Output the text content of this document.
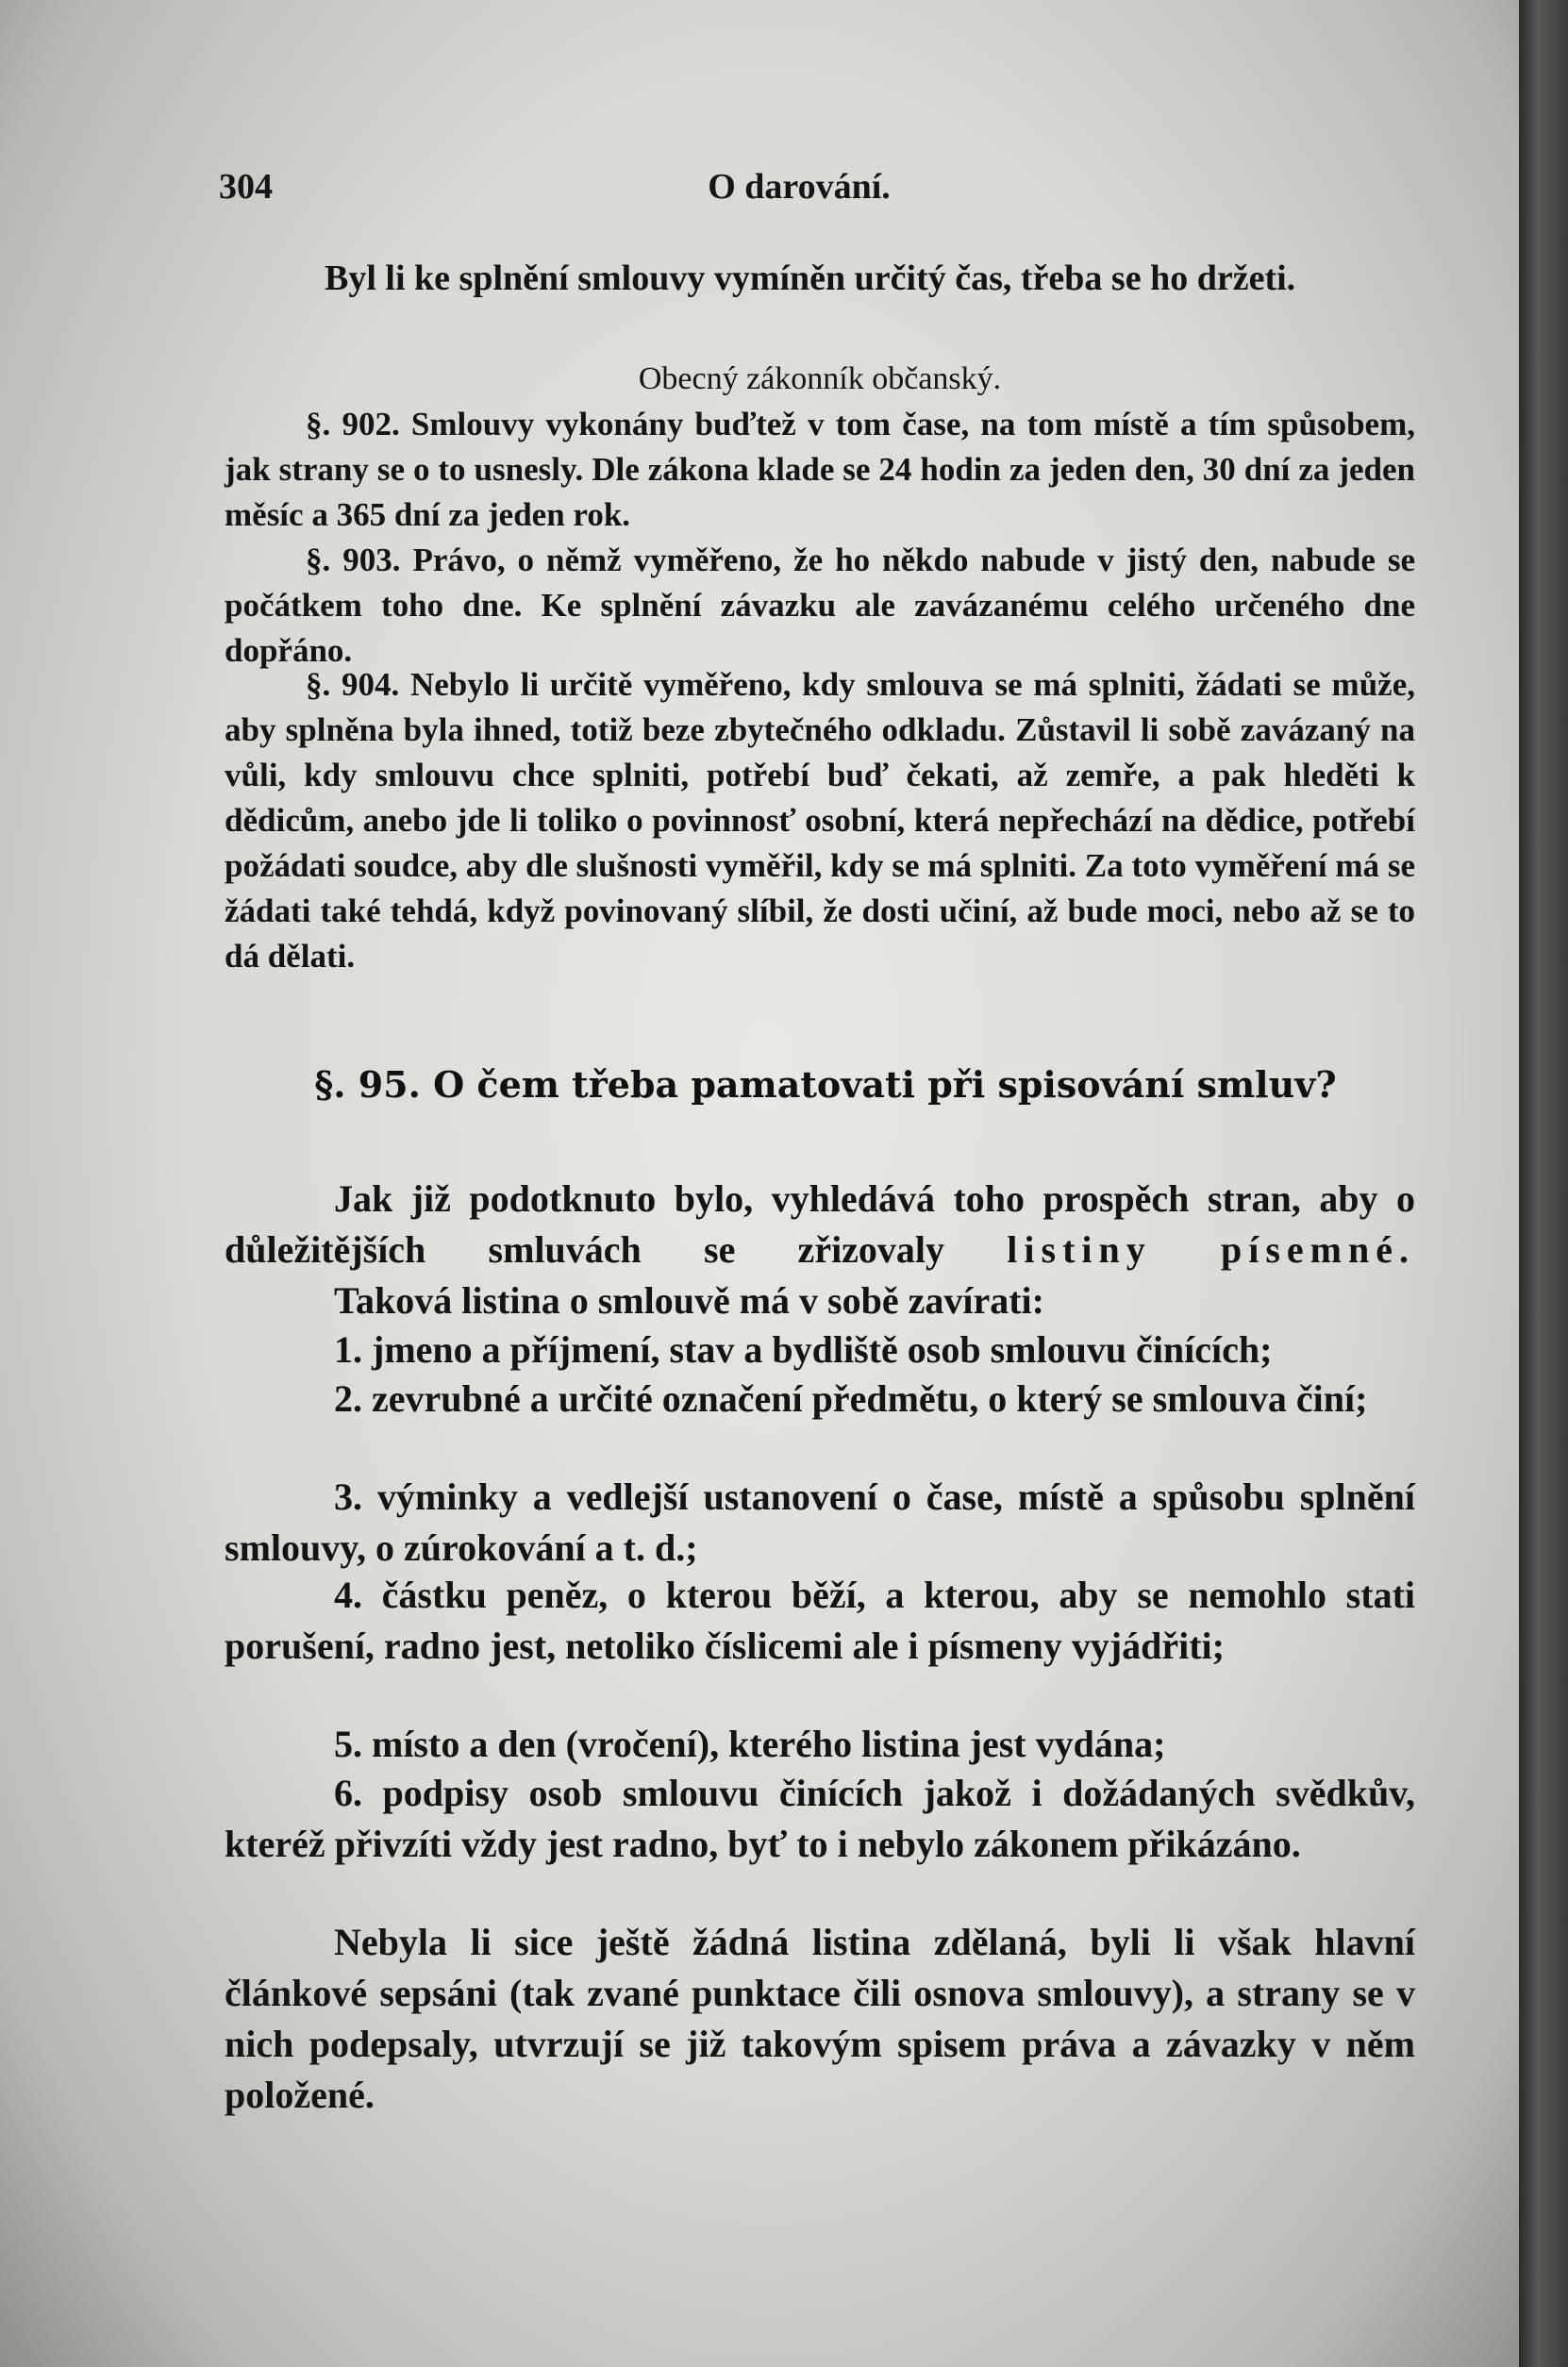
304	O darování.

Byl li ke splnění smlouvy vymíněn určitý čas, třeba se ho držeti.

Obecný zákonník občanský.

§. 902. Smlouvy vykonány buďtež v tom čase, na tom místě a tím spůsobem, jak strany se o to usnesly. Dle zákona klade se 24 hodin za jeden den, 30 dní za jeden měsíc a 365 dní za jeden rok.

§. 903. Právo, o němž vyměřeno, že ho někdo nabude v jistý den, nabude se počátkem toho dne. Ke splnění závazku ale zavázanému celého určeného dne dopřáno.

§. 904. Nebylo li určitě vyměřeno, kdy smlouva se má splniti, žádati se může, aby splněna byla ihned, totiž beze zbytečného odkladu. Zůstavil li sobě zavázaný na vůli, kdy smlouvu chce splniti, potřebí buď čekati, až zemře, a pak hleděti k dědicům, anebo jde li toliko o povinnosť osobní, která nepřechází na dědice, potřebí požádati soudce, aby dle slušnosti vyměřil, kdy se má splniti. Za toto vyměření má se žádati také tehdá, když povinovaný slíbil, že dosti učiní, až bude moci, nebo až se to dá dělati.

§. 95. O čem třeba pamatovati při spisování smluv?

Jak již podotknuto bylo, vyhledává toho prospěch stran, aby o důležitějších smluvách se zřizovaly listiny písemné.

Taková listina o smlouvě má v sobě zavírati:

1. jmeno a příjmení, stav a bydliště osob smlouvu činících;

2. zevrubné a určité označení předmětu, o který se smlouva činí;

3. výminky a vedlejší ustanovení o čase, místě a spůsobu splnění smlouvy, o zúrokování a t. d.;

4. částku peněz, o kterou běží, a kterou, aby se nemohlo stati porušení, radno jest, netoliko číslicemi ale i písmeny vyjádřiti;

5. místo a den (vročení), kterého listina jest vydána;

6. podpisy osob smlouvu činících jakož i dožádaných svědkův, kteréž přivzíti vždy jest radno, byť to i nebylo zákonem přikázáno.

Nebyla li sice ještě žádná listina zdělaná, byli li však hlavní článkové sepsáni (tak zvané punktace čili osnova smlouvy), a strany se v nich podepsaly, utvrzují se již takovým spisem práva a závazky v něm položené.
